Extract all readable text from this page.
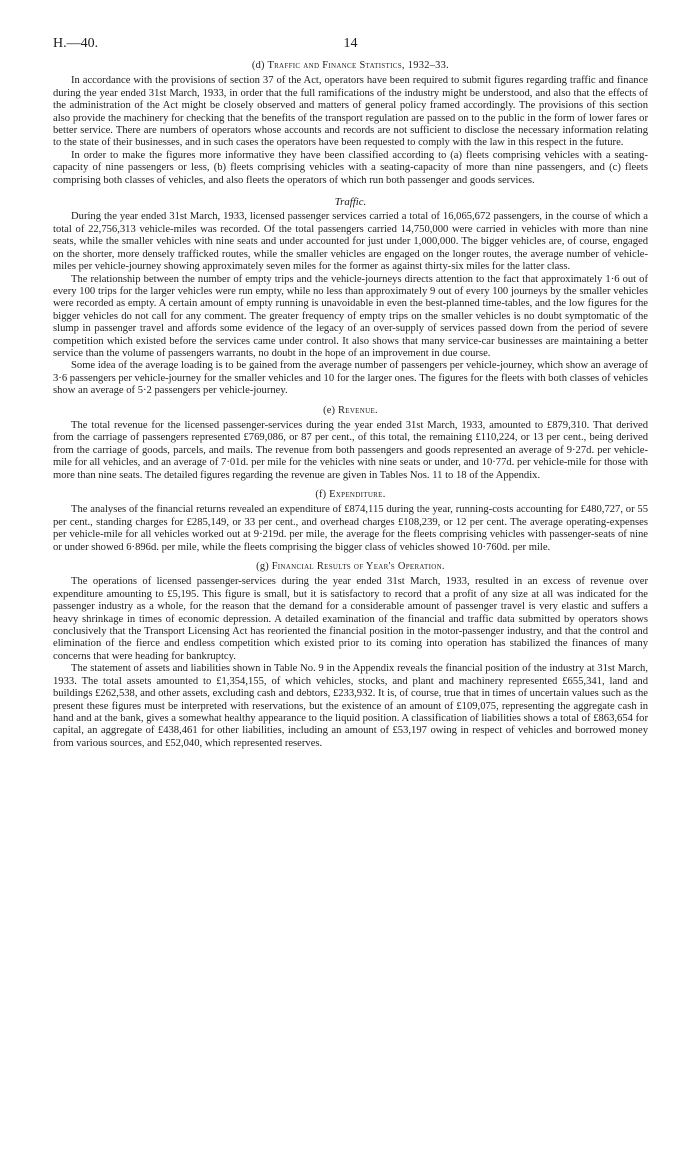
H.—40.	14
(d) Traffic and Finance Statistics, 1932–33.

In accordance with the provisions of section 37 of the Act, operators have been required to submit figures regarding traffic and finance during the year ended 31st March, 1933, in order that the full ramifications of the industry might be understood, and also that the effects of the administration of the Act might be closely observed and matters of general policy framed accordingly. The provisions of this section also provide the machinery for checking that the benefits of the transport regulation are passed on to the public in the form of lower fares or better service. There are numbers of operators whose accounts and records are not sufficient to disclose the necessary information relating to the state of their businesses, and in such cases the operators have been requested to comply with the law in this respect in the future.

In order to make the figures more informative they have been classified according to (a) fleets comprising vehicles with a seating-capacity of nine passengers or less, (b) fleets comprising vehicles with a seating-capacity of more than nine passengers, and (c) fleets comprising both classes of vehicles, and also fleets the operators of which run both passenger and goods services.

Traffic.

During the year ended 31st March, 1933, licensed passenger services carried a total of 16,065,672 passengers, in the course of which a total of 22,756,313 vehicle-miles was recorded. Of the total passengers carried 14,750,000 were carried in vehicles with more than nine seats, while the smaller vehicles with nine seats and under accounted for just under 1,000,000. The bigger vehicles are, of course, engaged on the shorter, more densely trafficked routes, while the smaller vehicles are engaged on the longer routes, the average number of vehicle-miles per vehicle-journey showing approximately seven miles for the former as against thirty-six miles for the latter class.

The relationship between the number of empty trips and the vehicle-journeys directs attention to the fact that approximately 1·6 out of every 100 trips for the larger vehicles were run empty, while no less than approximately 9 out of every 100 journeys by the smaller vehicles were recorded as empty. A certain amount of empty running is unavoidable in even the best-planned time-tables, and the low figures for the bigger vehicles do not call for any comment. The greater frequency of empty trips on the smaller vehicles is no doubt symptomatic of the slump in passenger travel and affords some evidence of the legacy of an over-supply of services passed down from the period of severe competition which existed before the services came under control. It also shows that many service-car businesses are maintaining a better service than the volume of passengers warrants, no doubt in the hope of an improvement in due course.

Some idea of the average loading is to be gained from the average number of passengers per vehicle-journey, which show an average of 3·6 passengers per vehicle-journey for the smaller vehicles and 10 for the larger ones. The figures for the fleets with both classes of vehicles show an average of 5·2 passengers per vehicle-journey.

(e) Revenue.

The total revenue for the licensed passenger-services during the year ended 31st March, 1933, amounted to £879,310. That derived from the carriage of passengers represented £769,086, or 87 per cent., of this total, the remaining £110,224, or 13 per cent., being derived from the carriage of goods, parcels, and mails. The revenue from both passengers and goods represented an average of 9·27d. per vehicle-mile for all vehicles, and an average of 7·01d. per mile for the vehicles with nine seats or under, and 10·77d. per vehicle-mile for those with more than nine seats. The detailed figures regarding the revenue are given in Tables Nos. 11 to 18 of the Appendix.

(f) Expenditure.

The analyses of the financial returns revealed an expenditure of £874,115 during the year, running-costs accounting for £480,727, or 55 per cent., standing charges for £285,149, or 33 per cent., and overhead charges £108,239, or 12 per cent. The average operating-expenses per vehicle-mile for all vehicles worked out at 9·219d. per mile, the average for the fleets comprising vehicles with passenger-seats of nine or under showed 6·896d. per mile, while the fleets comprising the bigger class of vehicles showed 10·760d. per mile.

(g) Financial Results of Year's Operation.

The operations of licensed passenger-services during the year ended 31st March, 1933, resulted in an excess of revenue over expenditure amounting to £5,195. This figure is small, but it is satisfactory to record that a profit of any size at all was indicated for the passenger industry as a whole, for the reason that the demand for a considerable amount of passenger travel is very elastic and suffers a heavy shrinkage in times of economic depression. A detailed examination of the financial and traffic data submitted by operators shows conclusively that the Transport Licensing Act has reoriented the financial position in the motor-passenger industry, and that the control and elimination of the fierce and endless competition which existed prior to its coming into operation has stabilized the finances of many concerns that were heading for bankruptcy.

The statement of assets and liabilities shown in Table No. 9 in the Appendix reveals the financial position of the industry at 31st March, 1933. The total assets amounted to £1,354,155, of which vehicles, stocks, and plant and machinery represented £655,341, land and buildings £262,538, and other assets, excluding cash and debtors, £233,932. It is, of course, true that in times of uncertain values such as the present these figures must be interpreted with reservations, but the existence of an amount of £109,075, representing the aggregate cash in hand and at the bank, gives a somewhat healthy appearance to the liquid position. A classification of liabilities shows a total of £863,654 for capital, an aggregate of £438,461 for other liabilities, including an amount of £53,197 owing in respect of vehicles and borrowed money from various sources, and £52,040, which represented reserves.
